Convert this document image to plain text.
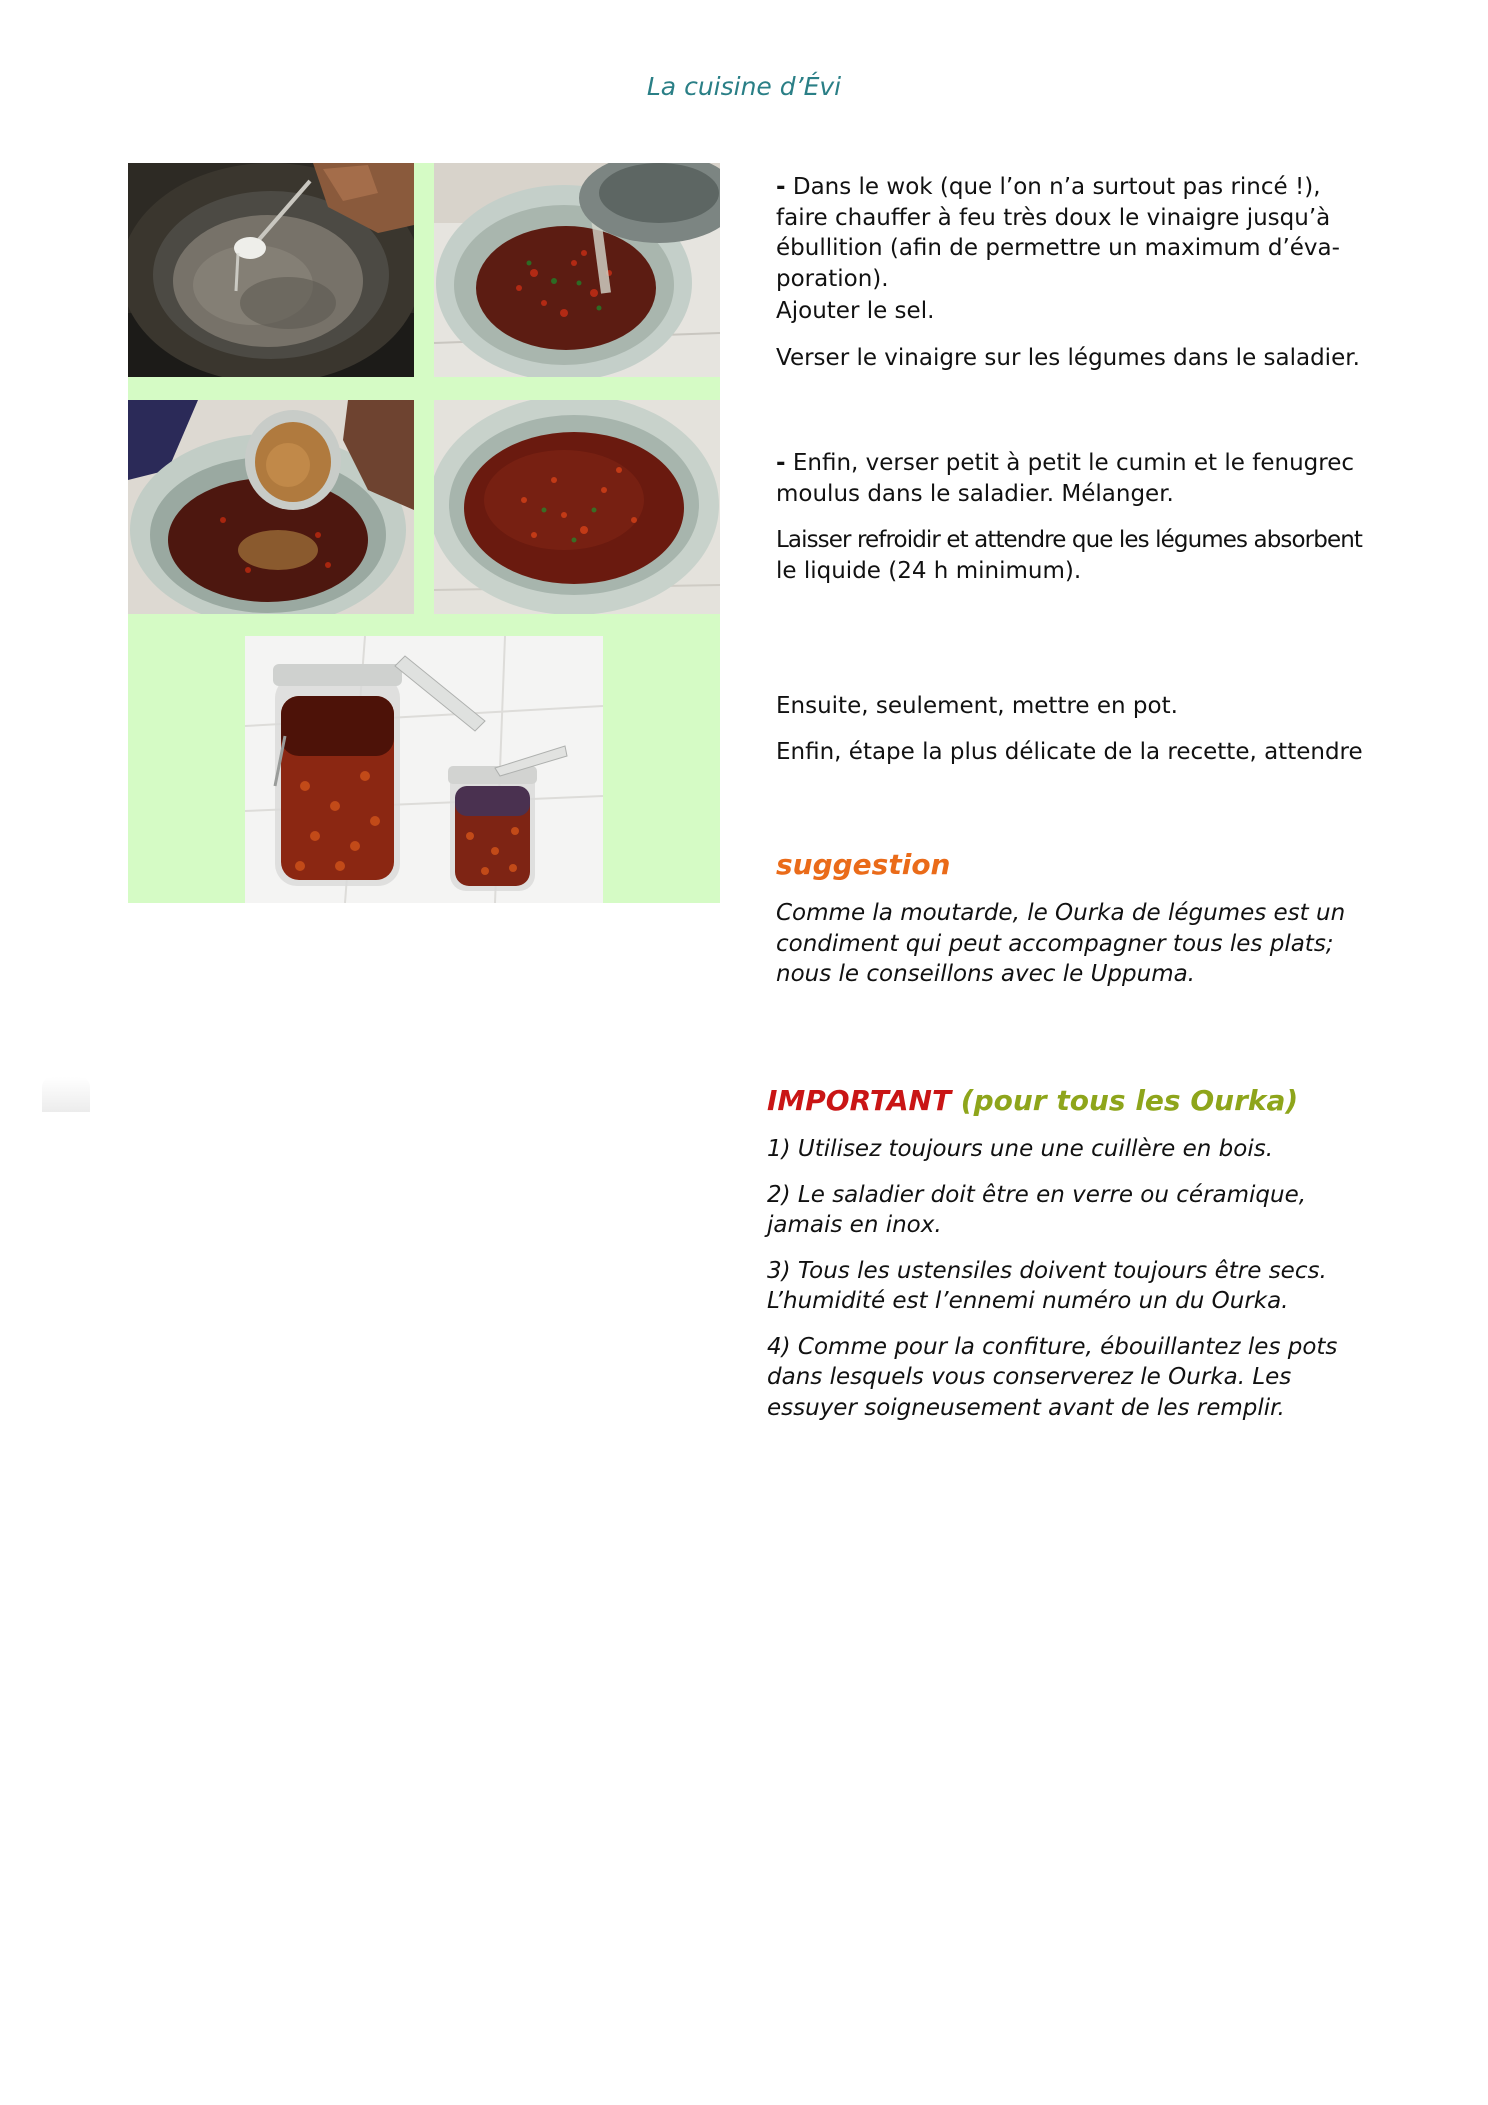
La cuisine d’Évi

- Dans le wok (que l’on n’a surtout pas rincé !),

faire chauffer à feu très doux le vinaigre jusqu’à

ébullition (afin de permettre un maximum d’éva-

poration).

Ajouter le sel.
Verser le vinaigre sur les légumes dans le saladier.

- Enfin, verser petit à petit le cumin et le fenugrec

moulus dans le saladier. Mélanger.

Laisser refroidir et attendre que les légumes absorbent

le liquide (24 h minimum).

Ensuite, seulement, mettre en pot.
Enfin, étape la plus délicate de la recette, attendre
suggestion
Comme la moutarde, le Ourka de légumes est un
condiment qui peut accompagner tous les plats;
nous le conseillons avec le Uppuma.
IMPORTANT (pour tous les Ourka)

1) Utilisez toujours une une cuillère en bois.

2) Le saladier doit être en verre ou céramique,
jamais en inox.

3) Tous les ustensiles doivent toujours être secs.
L’humidité est l’ennemi numéro un du Ourka.

4) Comme pour la confiture, ébouillantez les pots
dans lesquels vous conserverez le Ourka. Les
essuyer soigneusement avant de les remplir.
